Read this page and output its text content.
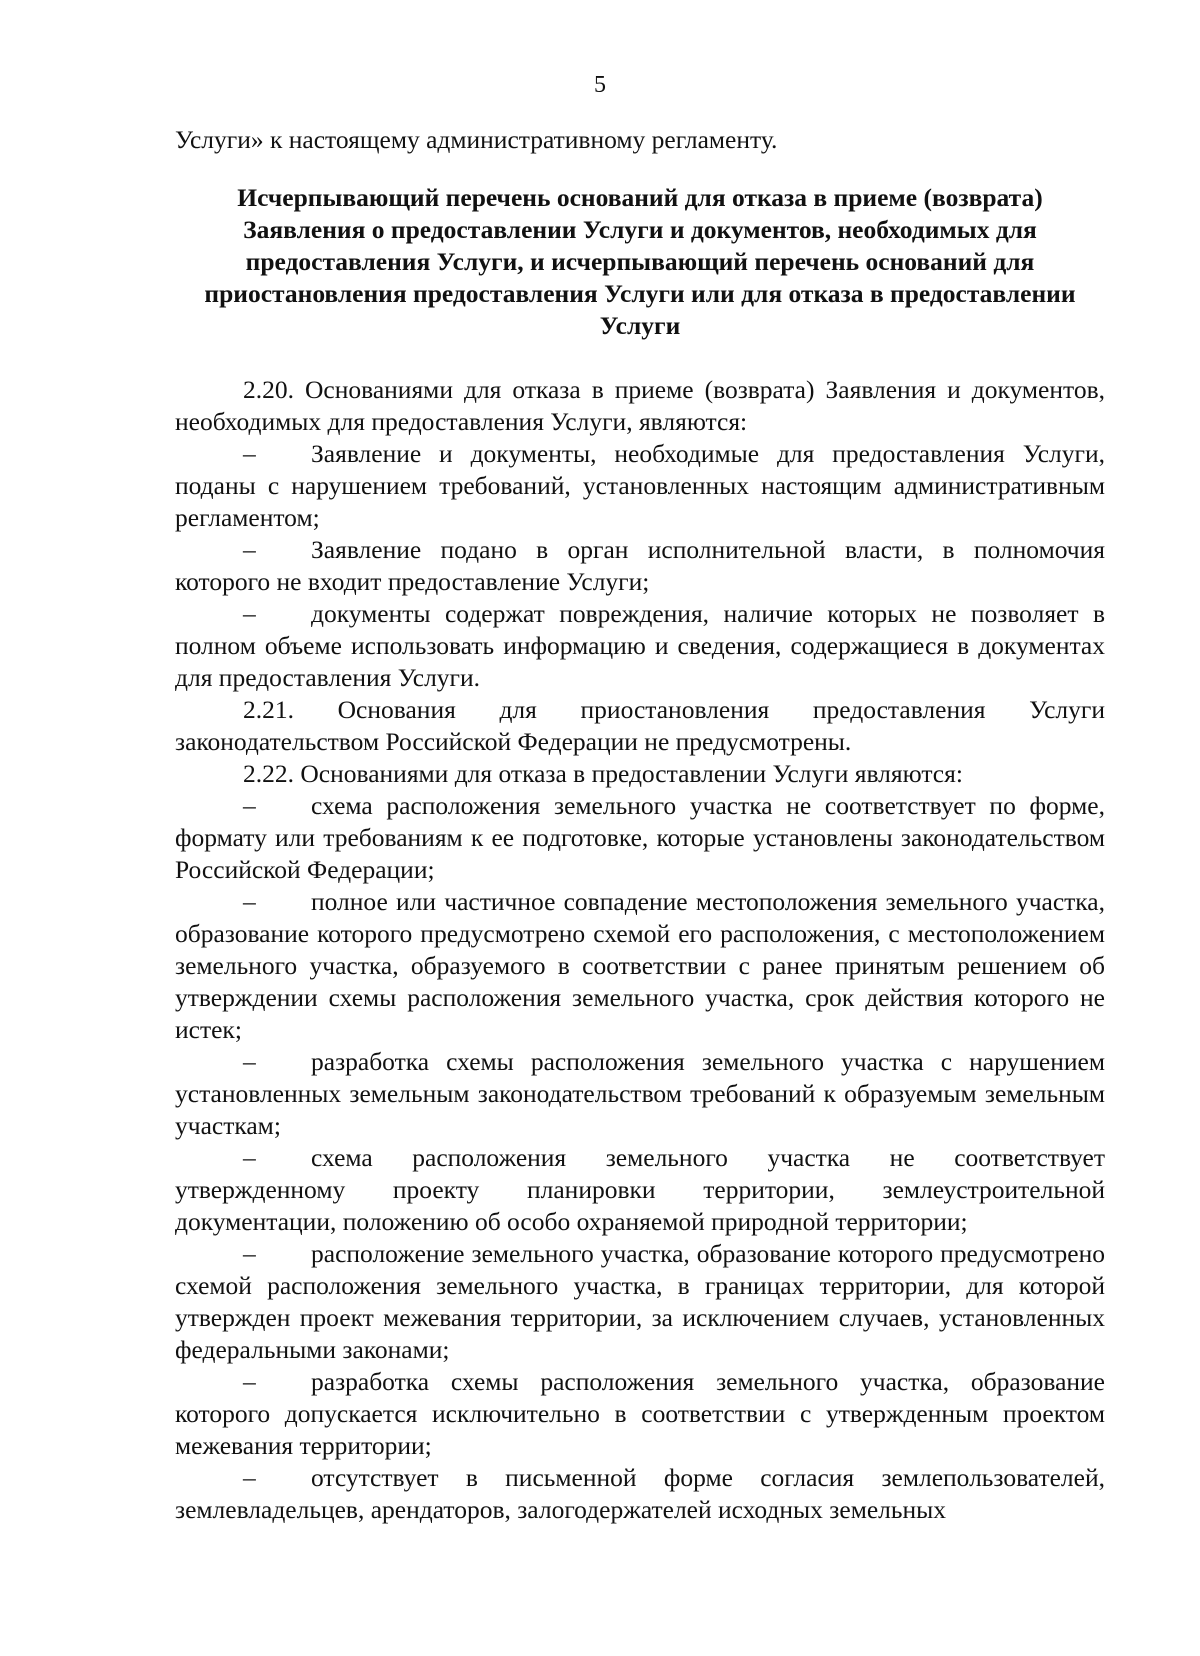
5

Услуги» к настоящему административному регламенту.

Исчерпывающий перечень оснований для отказа в приеме (возврата) Заявления о предоставлении Услуги и документов, необходимых для предоставления Услуги, и исчерпывающий перечень оснований для приостановления предоставления Услуги или для отказа в предоставлении Услуги

2.20. Основаниями для отказа в приеме (возврата) Заявления и документов, необходимых для предоставления Услуги, являются:

– Заявление и документы, необходимые для предоставления Услуги, поданы с нарушением требований, установленных настоящим административным регламентом;

– Заявление подано в орган исполнительной власти, в полномочия которого не входит предоставление Услуги;

– документы содержат повреждения, наличие которых не позволяет в полном объеме использовать информацию и сведения, содержащиеся в документах для предоставления Услуги.

2.21. Основания для приостановления предоставления Услуги законодательством Российской Федерации не предусмотрены.

2.22. Основаниями для отказа в предоставлении Услуги являются:

– схема расположения земельного участка не соответствует по форме, формату или требованиям к ее подготовке, которые установлены законодательством Российской Федерации;

– полное или частичное совпадение местоположения земельного участка, образование которого предусмотрено схемой его расположения, с местоположением земельного участка, образуемого в соответствии с ранее принятым решением об утверждении схемы расположения земельного участка, срок действия которого не истек;

– разработка схемы расположения земельного участка с нарушением установленных земельным законодательством требований к образуемым земельным участкам;

– схема расположения земельного участка не соответствует утвержденному проекту планировки территории, землеустроительной документации, положению об особо охраняемой природной территории;

– расположение земельного участка, образование которого предусмотрено схемой расположения земельного участка, в границах территории, для которой утвержден проект межевания территории, за исключением случаев, установленных федеральными законами;

– разработка схемы расположения земельного участка, образование которого допускается исключительно в соответствии с утвержденным проектом межевания территории;

– отсутствует в письменной форме согласия землепользователей, землевладельцев, арендаторов, залогодержателей исходных земельных
